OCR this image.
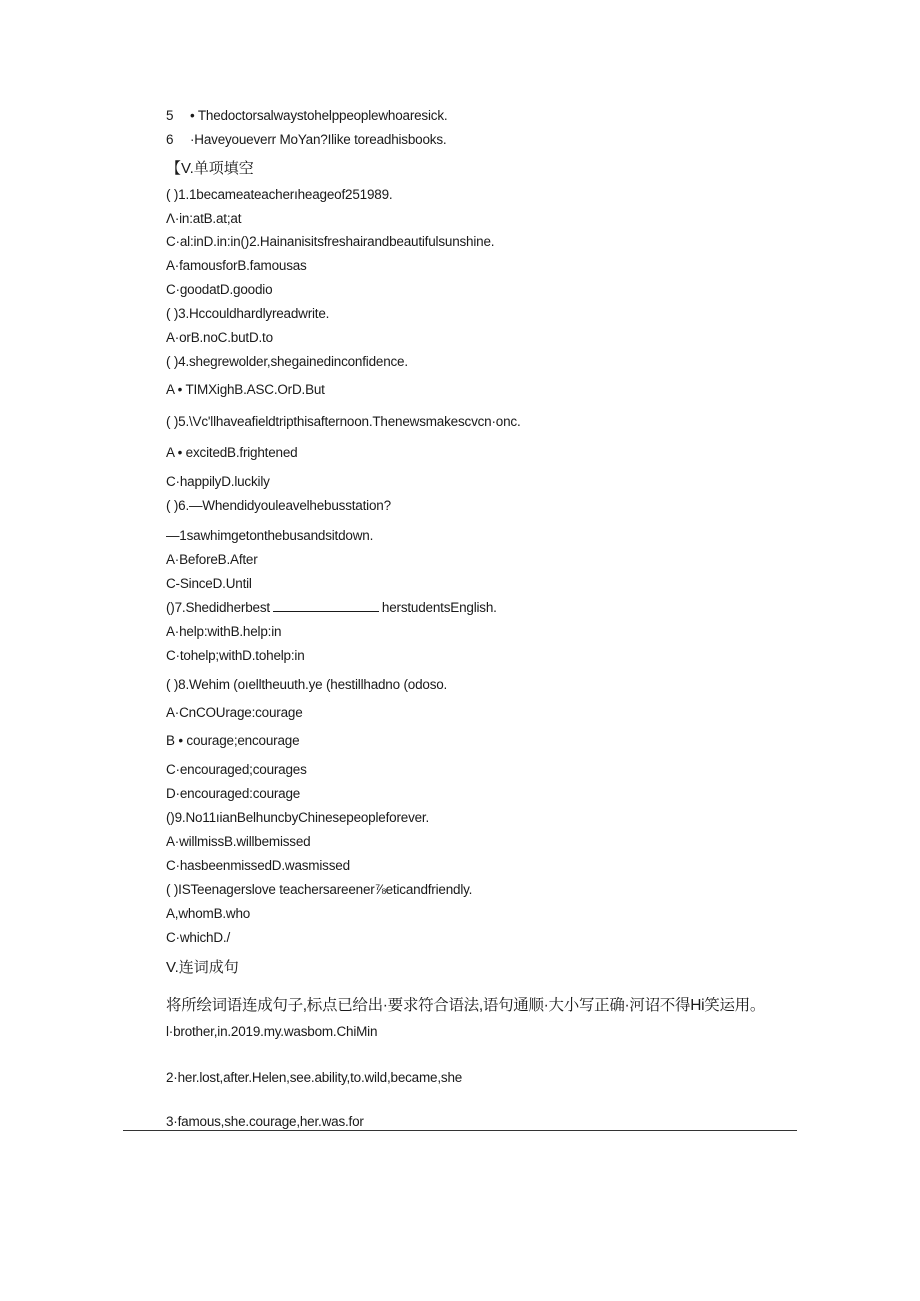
5 • Thedoctorsalwaystohelppeoplewhoaresick.
6 ·Haveyoueverr MoYan?Ilike toreadhisbooks.
【V.单项填空
( )1.1becameateacherıheageof251989.
Λ·in:atB.at;at
C·al:inD.in:in()2.Hainanisitsfreshairandbeautifulsunshine.
A·famousforB.famousas
C·goodatD.goodio
( )3.Hccouldhardlyreadwrite.
A·orB.noC.butD.to
( )4.shegrewolder,shegainedinconfidence.
A • TIMXighB.ASC.OrD.But
( )5.\Vc'llhaveafieldtripthisafternoon.Thenewsmakescvcn·onc.
A • excitedB.frightened
C·happilyD.luckily
( )6.—Whendidyouleavelhebusstation?
—1sawhimgetonthebusandsitdown.
A·BeforeB.After
C-SinceD.Until
()7.Shedidherbest	herstudentsEnglish.
A·help:withB.help:in
C·tohelp;withD.tohelp:in
( )8.Wehim (oıellthеuuth.ye (hestillhadno (odoso.
A·CnCOUrage:courage
B • courage;encourage
C·encouraged;courages
D·encouraged:courage
()9.No11ıianBelhuncbyChinesepeopleforever.
A·willmissB.willbemissed
C·hasbeenmissedD.wasmissed
( )ISTeenagerslove teachersareener⅞eticandfriendly.
A,whomB.who
C·whichD./
V.连词成句
将所绘词语连成句子,标点已给出·要求符合语法,语句通顺·大小写正确·河诏不得Hi笑运用。
l·brother,in.2019.my.wasbom.ChiMin
2·her.lost,after.Helen,see.ability,to.wild,became,she
3·famous,she.courage,her.was.for
